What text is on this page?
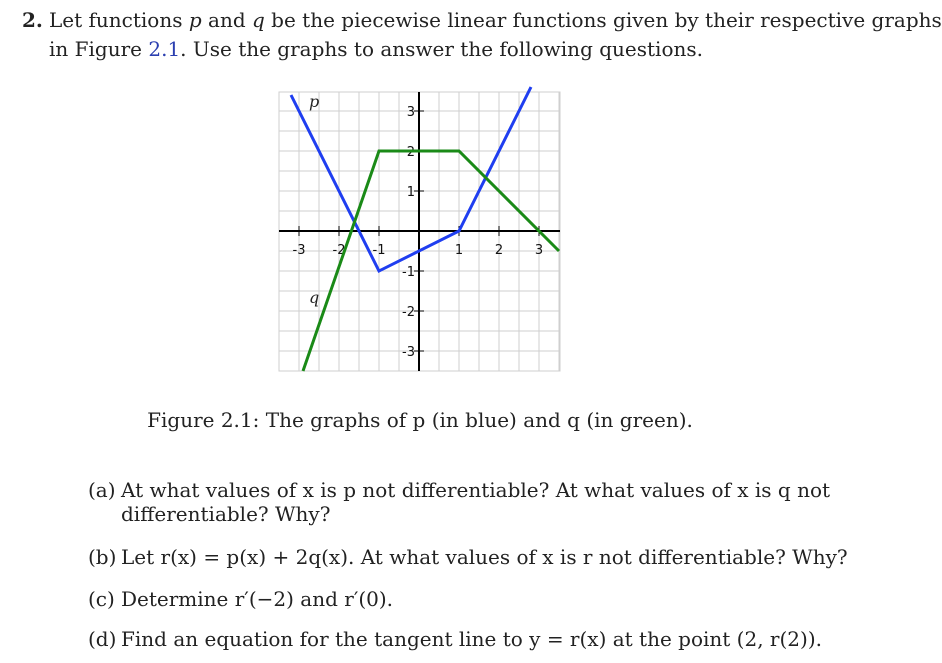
2. Let functions p and q be the piecewise linear functions given by their respective graphs
in Figure 2.1. Use the graphs to answer the following questions.
-3 -2 -1	1 2 3
3
2
1
-1
-2
-3
p
q
Figure 2.1: The graphs of p (in blue) and q (in green).
(a) At what values of x is p not differentiable? At what values of x is q not
differentiable? Why?
(b) Let r(x) = p(x) + 2q(x). At what values of x is r not differentiable? Why?
(c) Determine r′(−2) and r′(0).
(d) Find an equation for the tangent line to y = r(x) at the point (2, r(2)).
